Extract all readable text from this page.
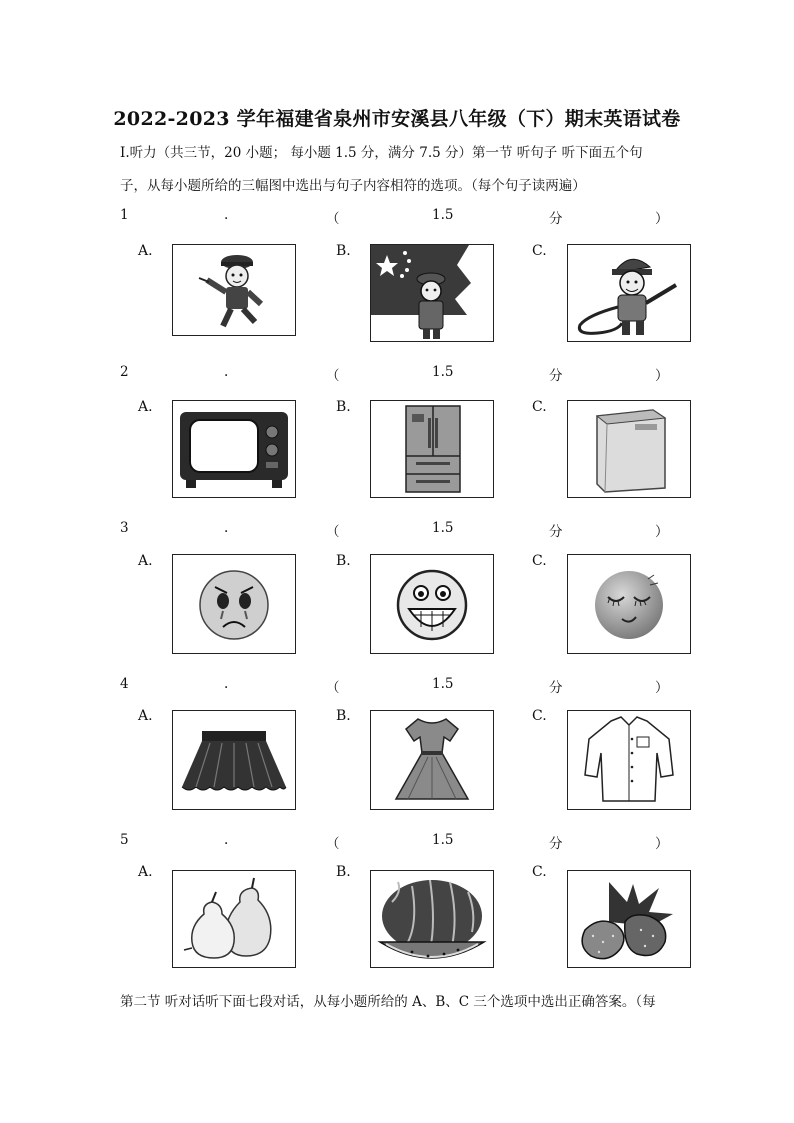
2022-2023 学年福建省泉州市安溪县八年级（下）期末英语试卷
Ⅰ.听力（共三节，20 小题； 每小题 1.5 分，满分 7.5 分）第一节 听句子 听下面五个句
子，从每小题所给的三幅图中选出与句子内容相符的选项。（每个句子读两遍）
1	.	（	1.5	分	）
A.	B.	C.
2	.	（	1.5	分	）
A.	B.	C.
3	.	（	1.5	分	）
A.	B.	C.
4	.	（	1.5	分	）
A.	B.	C.
5	.	（	1.5	分	）
A.	B.	C.
第二节 听对话听下面七段对话，从每小题所给的 A、B、C 三个选项中选出正确答案。（每
